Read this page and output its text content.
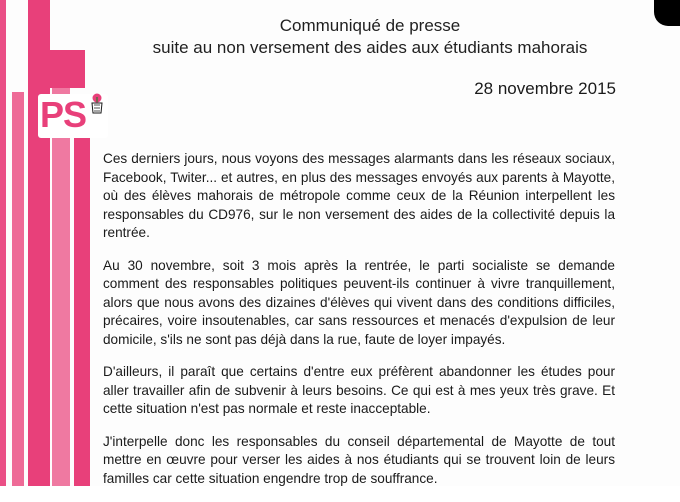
PS
Communiqué de presse
suite au non versement des aides aux étudiants mahorais
28 novembre 2015

Ces derniers jours, nous voyons des messages alarmants dans les réseaux sociaux, Facebook, Twiter... et autres, en plus des messages envoyés aux parents à Mayotte, où des élèves mahorais de métropole comme ceux de la Réunion interpellent les responsables du CD976, sur le non versement des aides de la collectivité depuis la rentrée.

Au 30 novembre, soit 3 mois après la rentrée, le parti socialiste se demande comment des responsables politiques peuvent-ils continuer à vivre tranquillement, alors que nous avons des dizaines d'élèves qui vivent dans des conditions difficiles, précaires, voire insoutenables, car sans ressources et menacés d'expulsion de leur domicile, s'ils ne sont pas déjà dans la rue, faute de loyer impayés.

D'ailleurs, il paraît que certains d'entre eux préfèrent abandonner les études pour aller travailler afin de subvenir à leurs besoins. Ce qui est à mes yeux très grave. Et cette situation n'est pas normale et reste inacceptable.

J'interpelle donc les responsables du conseil départemental de Mayotte de tout mettre en œuvre pour verser les aides à nos étudiants qui se trouvent loin de leurs familles car cette situation engendre trop de souffrance.
